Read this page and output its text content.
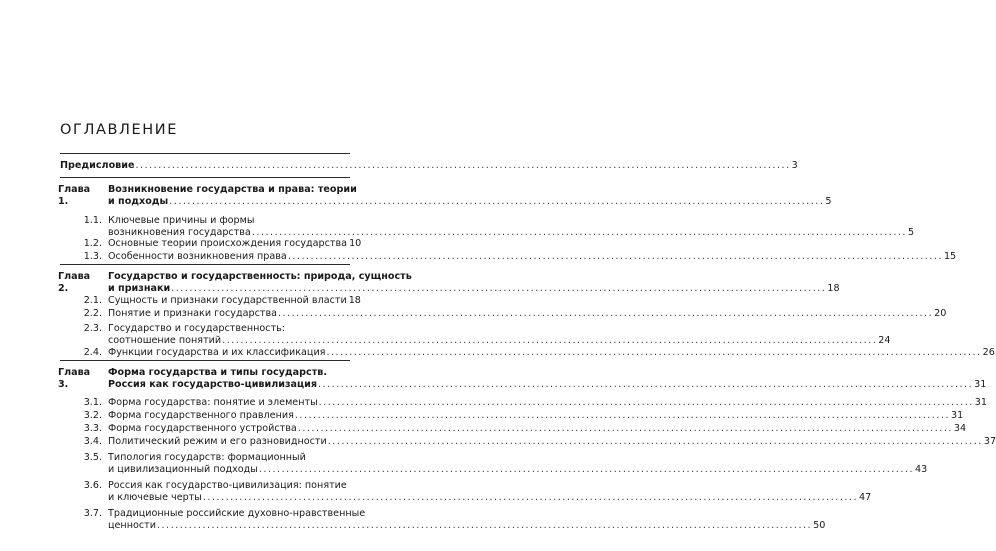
ОГЛАВЛЕНИЕ
Предисловие .....	3
Глава 1.
Возникновение государства и права: теории
и подходы .....	5
1.1. Ключевые причины и формы
возникновения государства .....	5
1.2. Основные теории происхождения государства 10
1.3. Особенности возникновения права .....	15
Глава 2.
Государство и государственность: природа, сущность
и признаки .....	18
2.1. Сущность и признаки государственной власти 18
2.2. Понятие и признаки государства .....	20
2.3. Государство и государственность:
соотношение понятий .....	24
2.4. Функции государства и их классификация .....	26
Глава 3.
Форма государства и типы государств.
Россия как государство-цивилизация .....	31
3.1. Форма государства: понятие и элементы .....	31
3.2. Форма государственного правления .....	31
3.3. Форма государственного устройства .....	34
3.4. Политический режим и его разновидности .....	37
3.5. Типология государств: формационный
и цивилизационный подходы .....	43
3.6. Россия как государство-цивилизация: понятие
и ключевые черты .....	47
3.7. Традиционные российские духовно-нравственные
ценности .....	50
